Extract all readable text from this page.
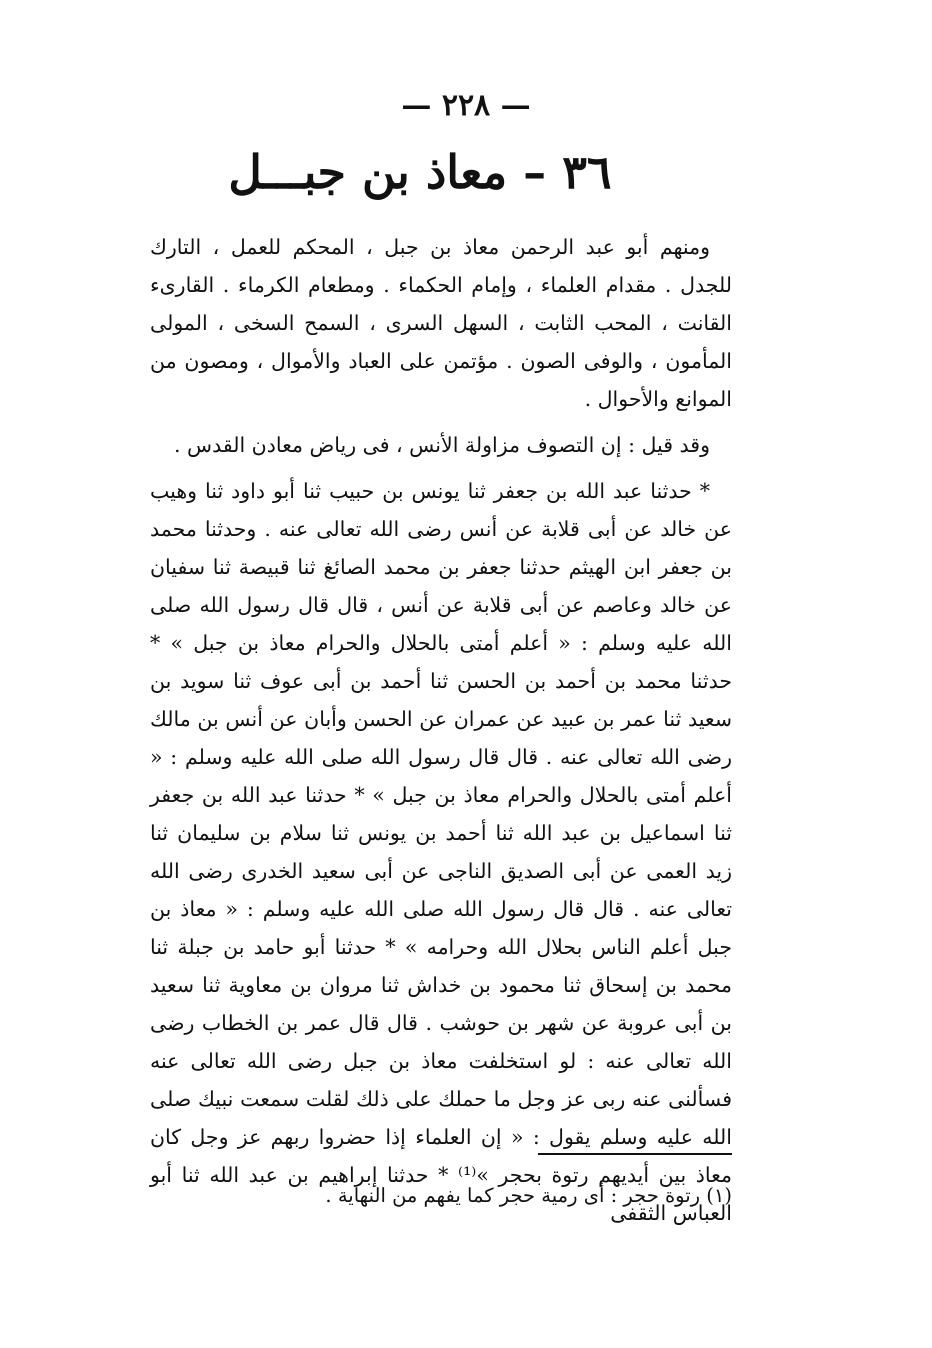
— ٢٢٨ —
٣٦ – معاذ بن جبـــل

ومنهم أبو عبد الرحمن معاذ بن جبل ، المحكم للعمل ، التارك للجدل . مقدام العلماء ، وإمام الحكماء . ومطعام الكرماء . القارىء القانت ، المحب الثابت ، السهل السرى ، السمح السخى ، المولى المأمون ، والوفى الصون . مؤتمن على العباد والأموال ، ومصون من الموانع والأحوال .

وقد قيل : إن التصوف مزاولة الأنس ، فى رياض معادن القدس .

* حدثنا عبد الله بن جعفر ثنا يونس بن حبيب ثنا أبو داود ثنا وهيب عن خالد عن أبى قلابة عن أنس رضى الله تعالى عنه . وحدثنا محمد بن جعفر ابن الهيثم حدثنا جعفر بن محمد الصائغ ثنا قبيصة ثنا سفيان عن خالد وعاصم عن أبى قلابة عن أنس ، قال قال رسول الله صلى الله عليه وسلم : « أعلم أمتى بالحلال والحرام معاذ بن جبل » * حدثنا محمد بن أحمد بن الحسن ثنا أحمد بن أبى عوف ثنا سويد بن سعيد ثنا عمر بن عبيد عن عمران عن الحسن وأبان عن أنس بن مالك رضى الله تعالى عنه . قال قال رسول الله صلى الله عليه وسلم : « أعلم أمتى بالحلال والحرام معاذ بن جبل » * حدثنا عبد الله بن جعفر ثنا اسماعيل بن عبد الله ثنا أحمد بن يونس ثنا سلام بن سليمان ثنا زيد العمى عن أبى الصديق الناجى عن أبى سعيد الخدرى رضى الله تعالى عنه . قال قال رسول الله صلى الله عليه وسلم : « معاذ بن جبل أعلم الناس بحلال الله وحرامه » * حدثنا أبو حامد بن جبلة ثنا محمد بن إسحاق ثنا محمود بن خداش ثنا مروان بن معاوية ثنا سعيد بن أبى عروبة عن شهر بن حوشب . قال قال عمر بن الخطاب رضى الله تعالى عنه : لو استخلفت معاذ بن جبل رضى الله تعالى عنه فسألنى عنه ربى عز وجل ما حملك على ذلك لقلت سمعت نبيك صلى الله عليه وسلم يقول : « إن العلماء إذا حضروا ربهم عز وجل كان معاذ بين أيديهم رتوة بحجر »⁽¹⁾ * حدثنا إبراهيم بن عبد الله ثنا أبو العباس الثقفى

(١) رتوة حجر : أى رمية حجر كما يفهم من النهاية .
